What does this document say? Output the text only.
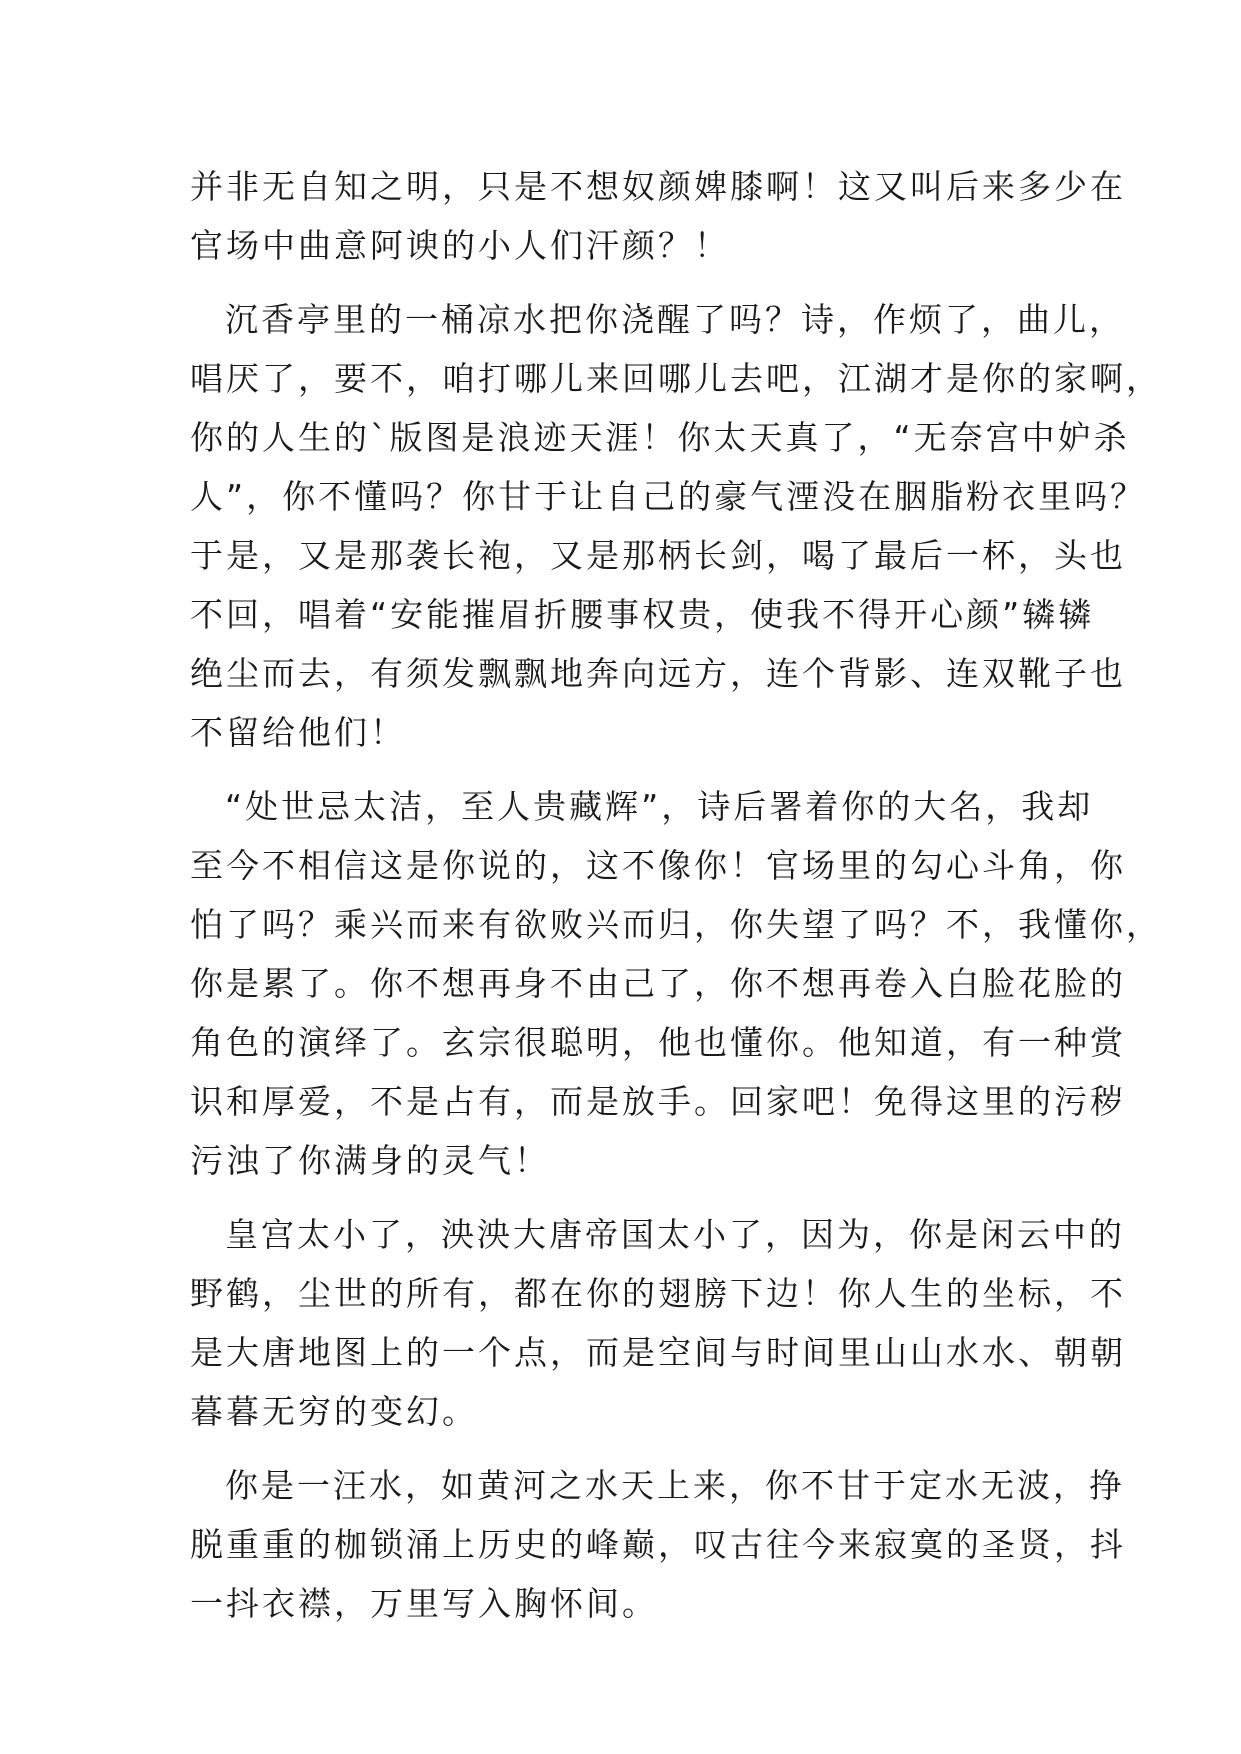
并非无自知之明，只是不想奴颜婢膝啊！这又叫后来多少在
官场中曲意阿谀的小人们汗颜？！
沉香亭里的一桶凉水把你浇醒了吗？诗，作烦了，曲儿，
唱厌了，要不，咱打哪儿来回哪儿去吧，江湖才是你的家啊，
你的人生的`版图是浪迹天涯！你太天真了，“无奈宫中妒杀
人”，你不懂吗？你甘于让自己的豪气湮没在胭脂粉衣里吗？
于是，又是那袭长袍，又是那柄长剑，喝了最后一杯，头也
不回，唱着“安能摧眉折腰事权贵，使我不得开心颜”辚辚
绝尘而去，有须发飘飘地奔向远方，连个背影、连双靴子也
不留给他们！
“处世忌太洁，至人贵藏辉”，诗后署着你的大名，我却
至今不相信这是你说的，这不像你！官场里的勾心斗角，你
怕了吗？乘兴而来有欲败兴而归，你失望了吗？不，我懂你，
你是累了。你不想再身不由己了，你不想再卷入白脸花脸的
角色的演绎了。玄宗很聪明，他也懂你。他知道，有一种赏
识和厚爱，不是占有，而是放手。回家吧！免得这里的污秽
污浊了你满身的灵气！
皇宫太小了，泱泱大唐帝国太小了，因为，你是闲云中的
野鹤，尘世的所有，都在你的翅膀下边！你人生的坐标，不
是大唐地图上的一个点，而是空间与时间里山山水水、朝朝
暮暮无穷的变幻。
你是一汪水，如黄河之水天上来，你不甘于定水无波，挣
脱重重的枷锁涌上历史的峰巅，叹古往今来寂寞的圣贤，抖
一抖衣襟，万里写入胸怀间。
